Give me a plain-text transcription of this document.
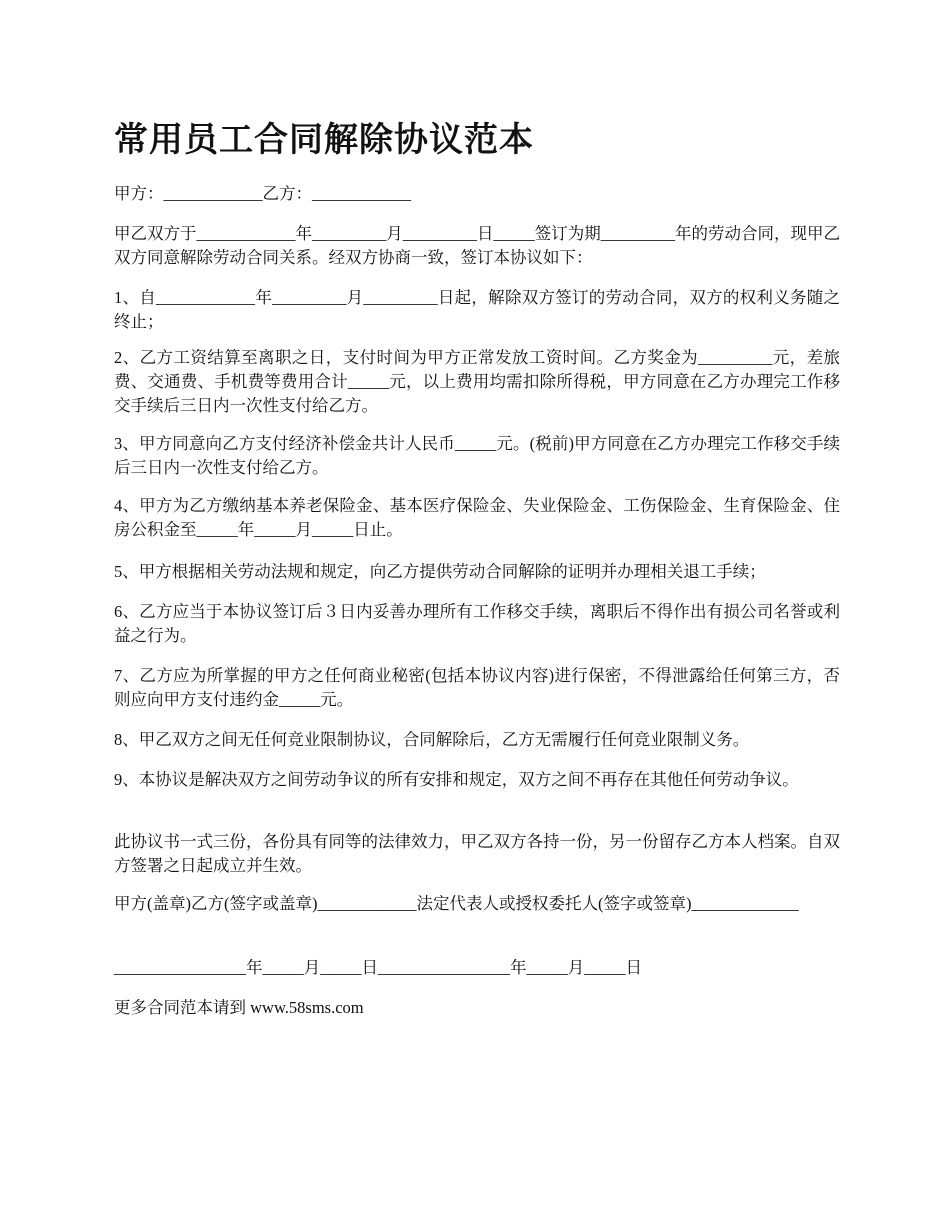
常用员工合同解除协议范本

甲方：____________乙方：____________

甲乙双方于____________年_________月_________日_____签订为期_________年的劳动合同，现甲乙双方同意解除劳动合同关系。经双方协商一致，签订本协议如下：

1、自____________年_________月_________日起，解除双方签订的劳动合同，双方的权利义务随之终止；

2、乙方工资结算至离职之日，支付时间为甲方正常发放工资时间。乙方奖金为_________元，差旅费、交通费、手机费等费用合计_____元，以上费用均需扣除所得税，甲方同意在乙方办理完工作移交手续后三日内一次性支付给乙方。

3、甲方同意向乙方支付经济补偿金共计人民币_____元。(税前)甲方同意在乙方办理完工作移交手续后三日内一次性支付给乙方。

4、甲方为乙方缴纳基本养老保险金、基本医疗保险金、失业保险金、工伤保险金、生育保险金、住房公积金至_____年_____月_____日止。

5、甲方根据相关劳动法规和规定，向乙方提供劳动合同解除的证明并办理相关退工手续；

6、乙方应当于本协议签订后３日内妥善办理所有工作移交手续，离职后不得作出有损公司名誉或利益之行为。

7、乙方应为所掌握的甲方之任何商业秘密(包括本协议内容)进行保密，不得泄露给任何第三方，否则应向甲方支付违约金_____元。

8、甲乙双方之间无任何竞业限制协议，合同解除后，乙方无需履行任何竞业限制义务。

9、本协议是解决双方之间劳动争议的所有安排和规定，双方之间不再存在其他任何劳动争议。

此协议书一式三份，各份具有同等的法律效力，甲乙双方各持一份，另一份留存乙方本人档案。自双方签署之日起成立并生效。

甲方(盖章)乙方(签字或盖章)____________法定代表人或授权委托人(签字或签章)_____________

________________年_____月_____日________________年_____月_____日

更多合同范本请到 www.58sms.com
